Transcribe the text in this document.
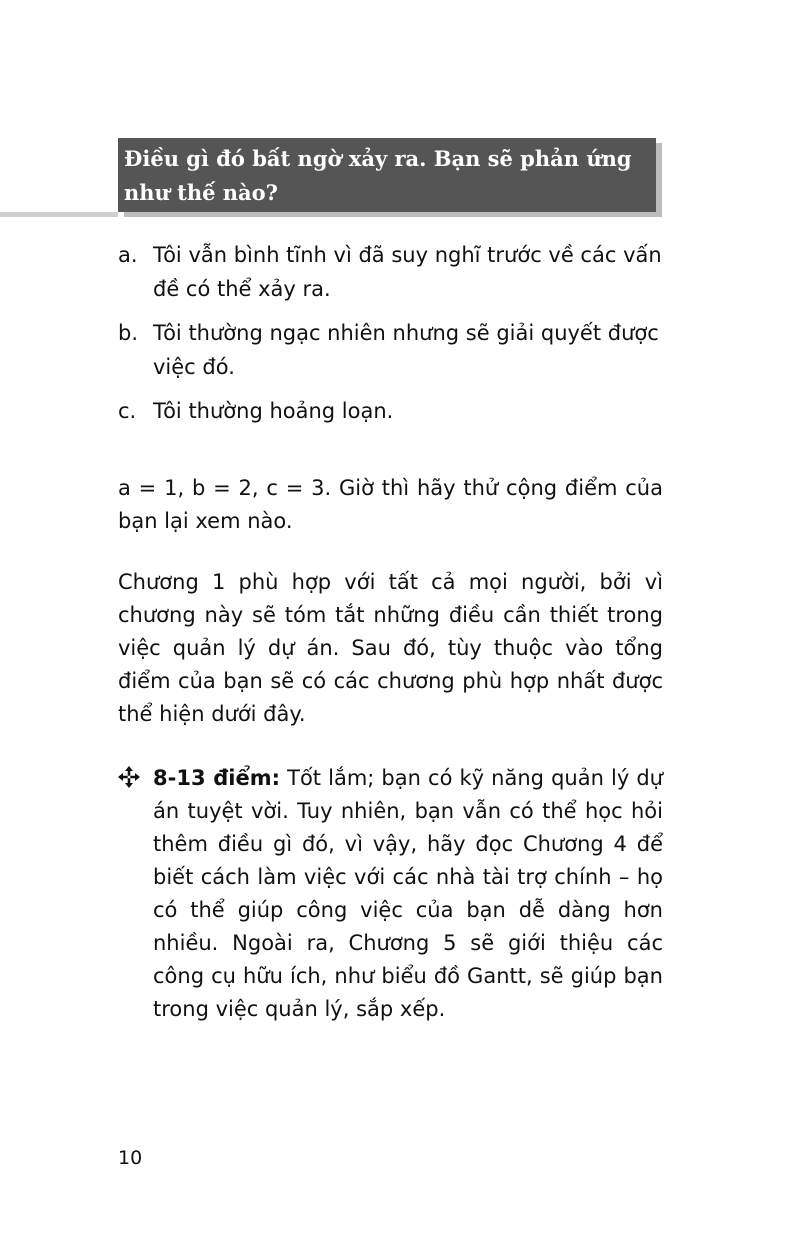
Điều gì đó bất ngờ xảy ra. Bạn sẽ phản ứng như thế nào?

a. Tôi vẫn bình tĩnh vì đã suy nghĩ trước về các vấn đề có thể xảy ra.
b. Tôi thường ngạc nhiên nhưng sẽ giải quyết được việc đó.
c. Tôi thường hoảng loạn.

a = 1, b = 2, c = 3. Giờ thì hãy thử cộng điểm của bạn lại xem nào.

Chương 1 phù hợp với tất cả mọi người, bởi vì chương này sẽ tóm tắt những điều cần thiết trong việc quản lý dự án. Sau đó, tùy thuộc vào tổng điểm của bạn sẽ có các chương phù hợp nhất được thể hiện dưới đây.

8-13 điểm: Tốt lắm; bạn có kỹ năng quản lý dự án tuyệt vời. Tuy nhiên, bạn vẫn có thể học hỏi thêm điều gì đó, vì vậy, hãy đọc Chương 4 để biết cách làm việc với các nhà tài trợ chính – họ có thể giúp công việc của bạn dễ dàng hơn nhiều. Ngoài ra, Chương 5 sẽ giới thiệu các công cụ hữu ích, như biểu đồ Gantt, sẽ giúp bạn trong việc quản lý, sắp xếp.

10
